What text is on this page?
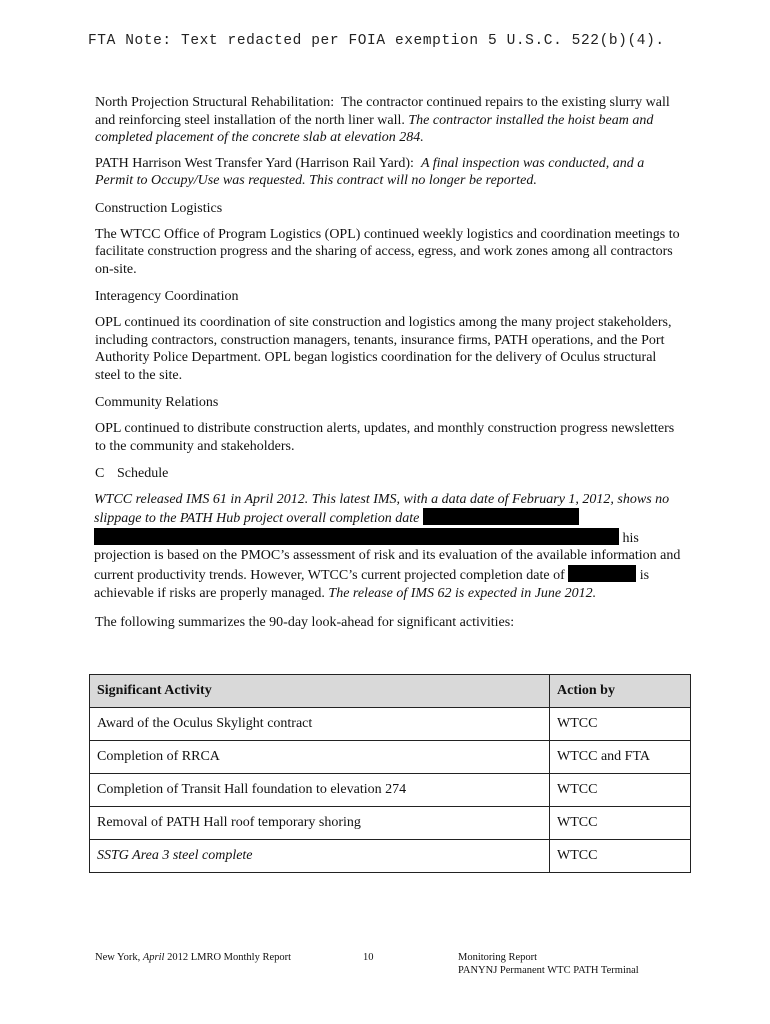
FTA Note: Text redacted per FOIA exemption 5 U.S.C. 522(b)(4).

North Projection Structural Rehabilitation: The contractor continued repairs to the existing slurry wall and reinforcing steel installation of the north liner wall. The contractor installed the hoist beam and completed placement of the concrete slab at elevation 284.

PATH Harrison West Transfer Yard (Harrison Rail Yard): A final inspection was conducted, and a Permit to Occupy/Use was requested. This contract will no longer be reported.

Construction Logistics

The WTCC Office of Program Logistics (OPL) continued weekly logistics and coordination meetings to facilitate construction progress and the sharing of access, egress, and work zones among all contractors on-site.

Interagency Coordination

OPL continued its coordination of site construction and logistics among the many project stakeholders, including contractors, construction managers, tenants, insurance firms, PATH operations, and the Port Authority Police Department. OPL began logistics coordination for the delivery of Oculus structural steel to the site.

Community Relations

OPL continued to distribute construction alerts, updates, and monthly construction progress newsletters to the community and stakeholders.

C Schedule

WTCC released IMS 61 in April 2012. This latest IMS, with a data date of February 1, 2012, shows no slippage to the PATH Hub project overall completion date   his projection is based on the PMOC’s assessment of risk and its evaluation of the available information and current productivity trends. However, WTCC’s current projected completion date of	is achievable if risks are properly managed. The release of IMS 62 is expected in June 2012.

The following summarizes the 90-day look-ahead for significant activities:

Significant Activity	Action by
Award of the Oculus Skylight contract	WTCC
Completion of RRCA	WTCC and FTA
Completion of Transit Hall foundation to elevation 274	WTCC
Removal of PATH Hall roof temporary shoring	WTCC
SSTG Area 3 steel complete	WTCC
New York, April 2012 LMRO Monthly Report	10	Monitoring Report
PANYNJ Permanent WTC PATH Terminal
